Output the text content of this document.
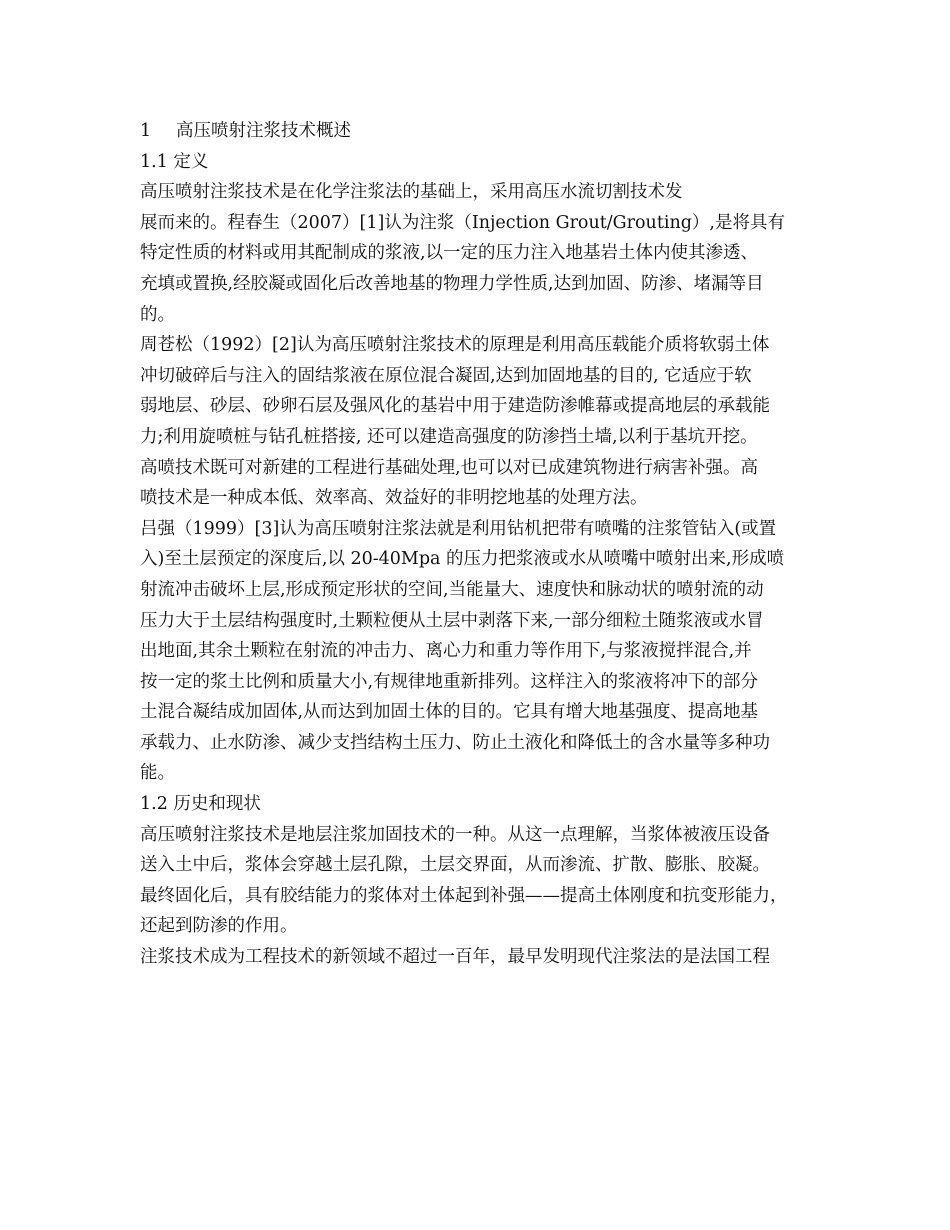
1 高压喷射注浆技术概述
1.1 定义
高压喷射注浆技术是在化学注浆法的基础上，采用高压水流切割技术发
展而来的。程春生（2007）[1]认为注浆（Injection Grout/Grouting）,是将具有
特定性质的材料或用其配制成的浆液,以一定的压力注入地基岩土体内使其渗透、
充填或置换,经胶凝或固化后改善地基的物理力学性质,达到加固、防渗、堵漏等目
的。
周苍松（1992）[2]认为高压喷射注浆技术的原理是利用高压载能介质将软弱土体
冲切破碎后与注入的固结浆液在原位混合凝固,达到加固地基的目的, 它适应于软
弱地层、砂层、砂卵石层及强风化的基岩中用于建造防渗帷幕或提高地层的承载能
力;利用旋喷桩与钻孔桩搭接, 还可以建造高强度的防渗挡土墙,以利于基坑开挖。
高喷技术既可对新建的工程进行基础处理,也可以对已成建筑物进行病害补强。高
喷技术是一种成本低、效率高、效益好的非明挖地基的处理方法。
吕强（1999）[3]认为高压喷射注浆法就是利用钻机把带有喷嘴的注浆管钻入(或置
入)至土层预定的深度后,以 20-40Mpa 的压力把浆液或水从喷嘴中喷射出来,形成喷
射流冲击破坏上层,形成预定形状的空间,当能量大、速度快和脉动状的喷射流的动
压力大于土层结构强度时,土颗粒便从土层中剥落下来,一部分细粒土随浆液或水冒
出地面,其余土颗粒在射流的冲击力、离心力和重力等作用下,与浆液搅拌混合,并
按一定的浆土比例和质量大小,有规律地重新排列。这样注入的浆液将冲下的部分
土混合凝结成加固体,从而达到加固土体的目的。它具有增大地基强度、提高地基
承载力、止水防渗、减少支挡结构土压力、防止土液化和降低土的含水量等多种功
能。
1.2 历史和现状
高压喷射注浆技术是地层注浆加固技术的一种。从这一点理解，当浆体被液压设备
送入土中后，浆体会穿越土层孔隙，土层交界面，从而渗流、扩散、膨胀、胶凝。
最终固化后，具有胶结能力的浆体对土体起到补强——提高土体刚度和抗变形能力，
还起到防渗的作用。
注浆技术成为工程技术的新领域不超过一百年，最早发明现代注浆法的是法国工程
